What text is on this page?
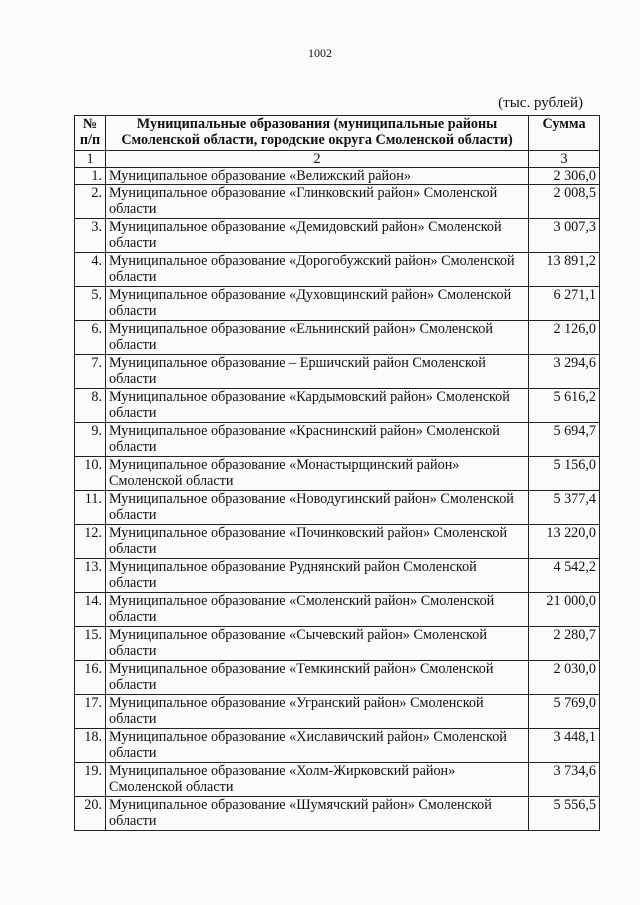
1002
(тыс. рублей)
№ п/п	Муниципальные образования (муниципальные районы Смоленской области, городские округа Смоленской области)	Сумма
1	2	3
1.	Муниципальное образование «Велижский район»	2 306,0
2.	Муниципальное образование «Глинковский район» Смоленской области	2 008,5
3.	Муниципальное образование «Демидовский район» Смоленской области	3 007,3
4.	Муниципальное образование «Дорогобужский район» Смоленской области	13 891,2
5.	Муниципальное образование «Духовщинский район» Смоленской области	6 271,1
6.	Муниципальное образование «Ельнинский район» Смоленской области	2 126,0
7.	Муниципальное образование – Ершичский район Смоленской области	3 294,6
8.	Муниципальное образование «Кардымовский район» Смоленской области	5 616,2
9.	Муниципальное образование «Краснинский район» Смоленской области	5 694,7
10.	Муниципальное образование «Монастырщинский район» Смоленской области	5 156,0
11.	Муниципальное образование «Новодугинский район» Смоленской области	5 377,4
12.	Муниципальное образование «Починковский район» Смоленской области	13 220,0
13.	Муниципальное образование Руднянский район Смоленской области	4 542,2
14.	Муниципальное образование «Смоленский район» Смоленской области	21 000,0
15.	Муниципальное образование «Сычевский район» Смоленской области	2 280,7
16.	Муниципальное образование «Темкинский район» Смоленской области	2 030,0
17.	Муниципальное образование «Угранский район» Смоленской области	5 769,0
18.	Муниципальное образование «Хиславичский район» Смоленской области	3 448,1
19.	Муниципальное образование «Холм-Жирковский район» Смоленской области	3 734,6
20.	Муниципальное образование «Шумячский район» Смоленской области	5 556,5
